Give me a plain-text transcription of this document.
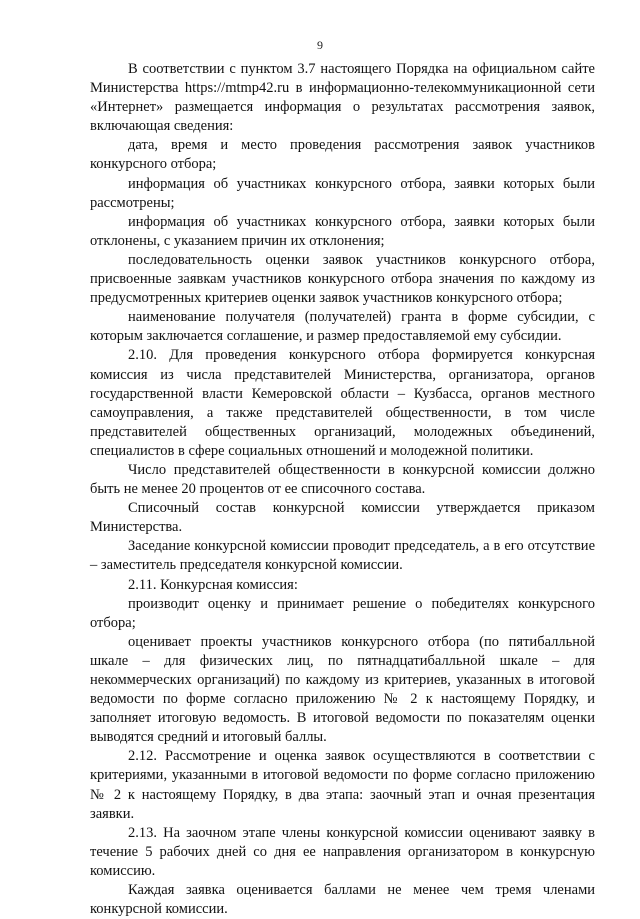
9

В соответствии с пунктом 3.7 настоящего Порядка на официальном сайте Министерства https://mtmp42.ru в информационно-телекоммуникационной сети «Интернет» размещается информация о результатах рассмотрения заявок, включающая сведения:

дата, время и место проведения рассмотрения заявок участников конкурсного отбора;

информация об участниках конкурсного отбора, заявки которых были рассмотрены;

информация об участниках конкурсного отбора, заявки которых были отклонены, с указанием причин их отклонения;

последовательность оценки заявок участников конкурсного отбора, присвоенные заявкам участников конкурсного отбора значения по каждому из предусмотренных критериев оценки заявок участников конкурсного отбора;

наименование получателя (получателей) гранта в форме субсидии, с которым заключается соглашение, и размер предоставляемой ему субсидии.

2.10. Для проведения конкурсного отбора формируется конкурсная комиссия из числа представителей Министерства, организатора, органов государственной власти Кемеровской области – Кузбасса, органов местного самоуправления, а также представителей общественности, в том числе представителей общественных организаций, молодежных объединений, специалистов в сфере социальных отношений и молодежной политики.

Число представителей общественности в конкурсной комиссии должно быть не менее 20 процентов от ее списочного состава.

Списочный состав конкурсной комиссии утверждается приказом Министерства.

Заседание конкурсной комиссии проводит председатель, а в его отсутствие – заместитель председателя конкурсной комиссии.

2.11. Конкурсная комиссия:

производит оценку и принимает решение о победителях конкурсного отбора;

оценивает проекты участников конкурсного отбора (по пятибалльной шкале – для физических лиц, по пятнадцатибалльной шкале – для некоммерческих организаций) по каждому из критериев, указанных в итоговой ведомости по форме согласно приложению № 2 к настоящему Порядку, и заполняет итоговую ведомость. В итоговой ведомости по показателям оценки выводятся средний и итоговый баллы.

2.12. Рассмотрение и оценка заявок осуществляются в соответствии с критериями, указанными в итоговой ведомости по форме согласно приложению № 2 к настоящему Порядку, в два этапа: заочный этап и очная презентация заявки.

2.13. На заочном этапе члены конкурсной комиссии оценивают заявку в течение 5 рабочих дней со дня ее направления организатором в конкурсную комиссию.

Каждая заявка оценивается баллами не менее чем тремя членами конкурсной комиссии.
